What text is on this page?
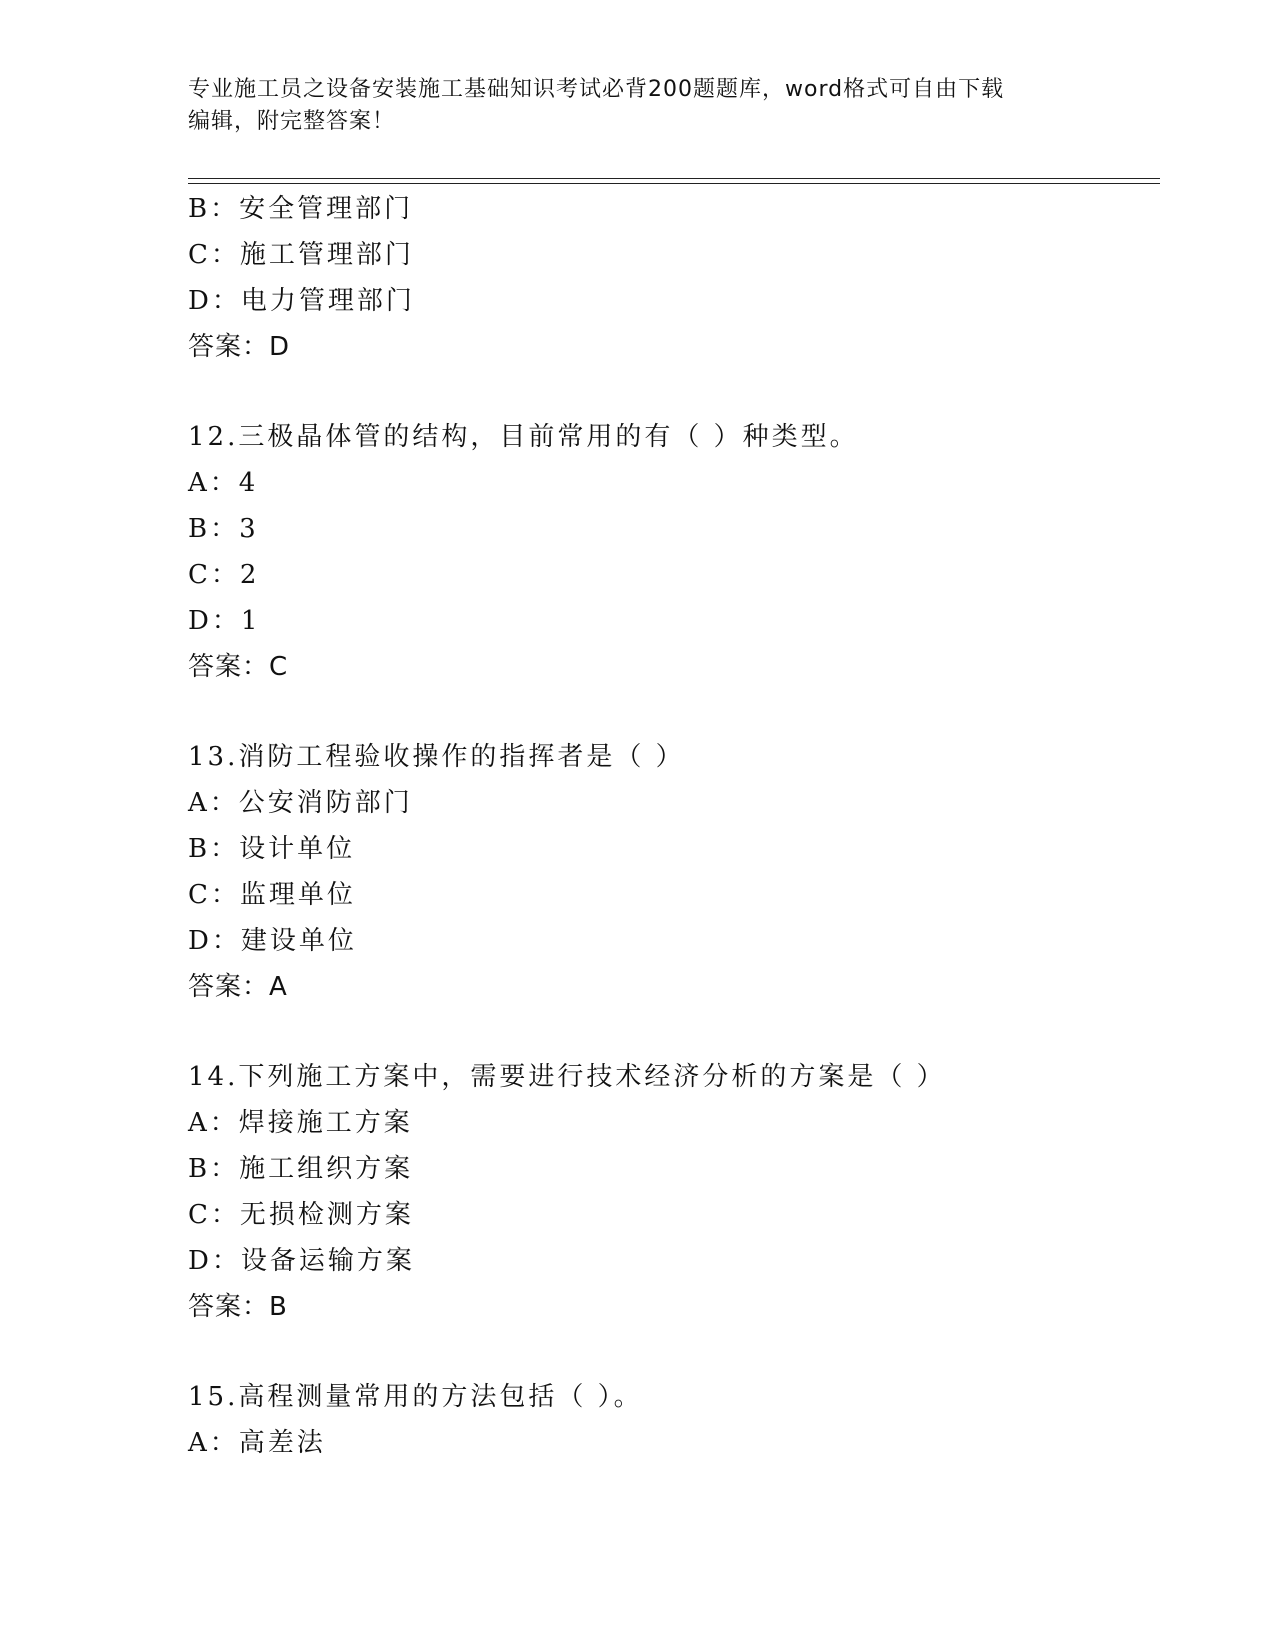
专业施工员之设备安装施工基础知识考试必背200题题库，word格式可自由下载
编辑，附完整答案！
B：安全管理部门
C：施工管理部门
D：电力管理部门
答案：D
12.三极晶体管的结构，目前常用的有（ ）种类型。
A：4
B：3
C：2
D：1
答案：C
13.消防工程验收操作的指挥者是（ ）
A：公安消防部门
B：设计单位
C：监理单位
D：建设单位
答案：A
14.下列施工方案中，需要进行技术经济分析的方案是（ ）
A：焊接施工方案
B：施工组织方案
C：无损检测方案
D：设备运输方案
答案：B
15.高程测量常用的方法包括（ ）。
A：高差法
